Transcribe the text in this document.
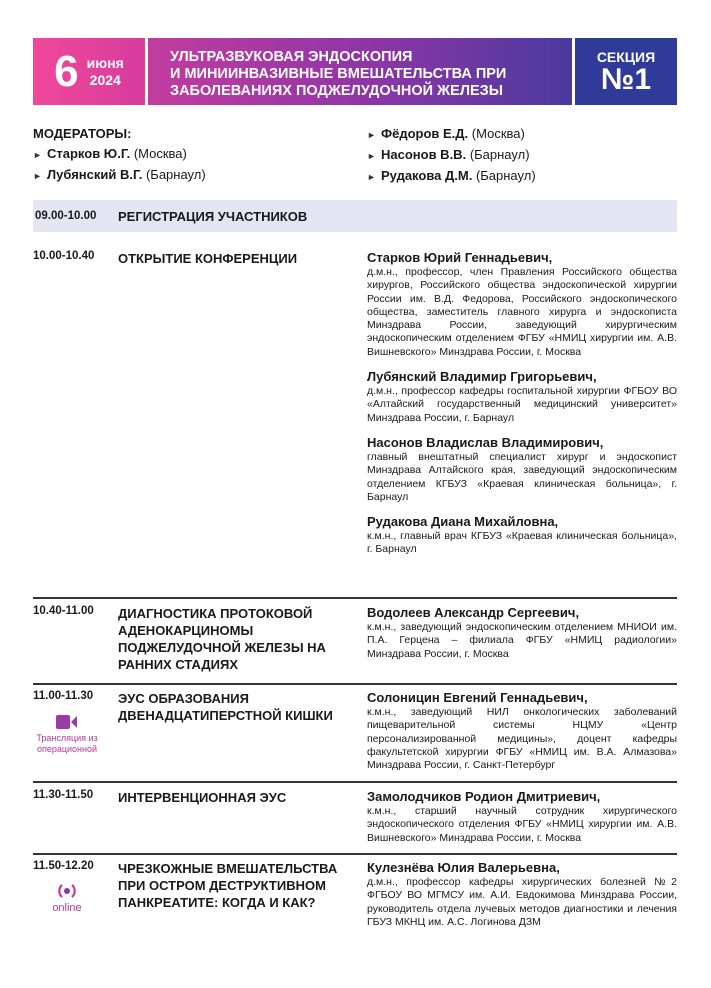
6 июня
2024
УЛЬТРАЗВУКОВАЯ ЭНДОСКОПИЯ
И МИНИИНВАЗИВНЫЕ ВМЕШАТЕЛЬСТВА ПРИ
ЗАБОЛЕВАНИЯХ ПОДЖЕЛУДОЧНОЙ ЖЕЛЕЗЫ
СЕКЦИЯ
№1
МОДЕРАТОРЫ:
► Старков Ю.Г. (Москва)
► Лубянский В.Г. (Барнаул)
► Фёдоров Е.Д. (Москва)
► Насонов В.В. (Барнаул)
► Рудакова Д.М. (Барнаул)
09.00-10.00	РЕГИСТРАЦИЯ УЧАСТНИКОВ
10.00-10.40 ОТКРЫТИЕ КОНФЕРЕНЦИИ	Старков Юрий Геннадьевич,
д.м.н., профессор, член Правления Российского общества хирургов, Российского общества эндоскопической хирургии России им. В.Д. Федорова, Российского эндоскопического общества, заместитель главного хирурга и эндоскописта Минздрава России, заведующий хирургическим эндоскопическим отделением ФГБУ «НМИЦ хирургии им. А.В. Вишневского» Минздрава России, г. Москва
Лубянский Владимир Григорьевич,
д.м.н., профессор кафедры госпитальной хирургии ФГБОУ ВО «Алтайский государственный медицинский университет» Минздрава России, г. Барнаул
Насонов Владислав Владимирович,
главный внештатный специалист хирург и эндоскопист Минздрава Алтайского края, заведующий эндоскопическим отделением КГБУЗ «Краевая клиническая больница», г. Барнаул
Рудакова Диана Михайловна,
к.м.н., главный врач КГБУЗ «Краевая клиническая больница», г. Барнаул
10.40-11.00 ДИАГНОСТИКА ПРОТОКОВОЙ АДЕНОКАРЦИНОМЫ ПОДЖЕЛУДОЧНОЙ ЖЕЛЕЗЫ НА РАННИХ СТАДИЯХ
Водолеев Александр Сергеевич,
к.м.н., заведующий эндоскопическим отделением МНИОИ им. П.А. Герцена – филиала ФГБУ «НМИЦ радиологии» Минздрава России, г. Москва
11.00-11.30 ЭУС ОБРАЗОВАНИЯ ДВЕНАДЦАТИПЕРСТНОЙ КИШКИ
Солоницин Евгений Геннадьевич,
к.м.н., заведующий НИЛ онкологических заболеваний пищеварительной системы НЦМУ «Центр персонализированной медицины», доцент кафедры факультетской хирургии ФГБУ «НМИЦ им. В.А. Алмазова» Минздрава России, г. Санкт-Петербург
Трансляция из операционной
11.30-11.50 ИНТЕРВЕНЦИОННАЯ ЭУС	Замолодчиков Родион Дмитриевич,
к.м.н., старший научный сотрудник хирургического эндоскопического отделения ФГБУ «НМИЦ хирургии им. А.В. Вишневского» Минздрава России, г. Москва
11.50-12.20 ЧРЕЗКОЖНЫЕ ВМЕШАТЕЛЬСТВА ПРИ ОСТРОМ ДЕСТРУКТИВНОМ ПАНКРЕАТИТЕ: КОГДА И КАК?
Кулезнёва Юлия Валерьевна,
д.м.н., профессор кафедры хирургических болезней №2 ФГБОУ ВО МГМСУ им. А.И. Евдокимова Минздрава России, руководитель отдела лучевых методов диагностики и лечения ГБУЗ МКНЦ им. А.С. Логинова ДЗМ
online
